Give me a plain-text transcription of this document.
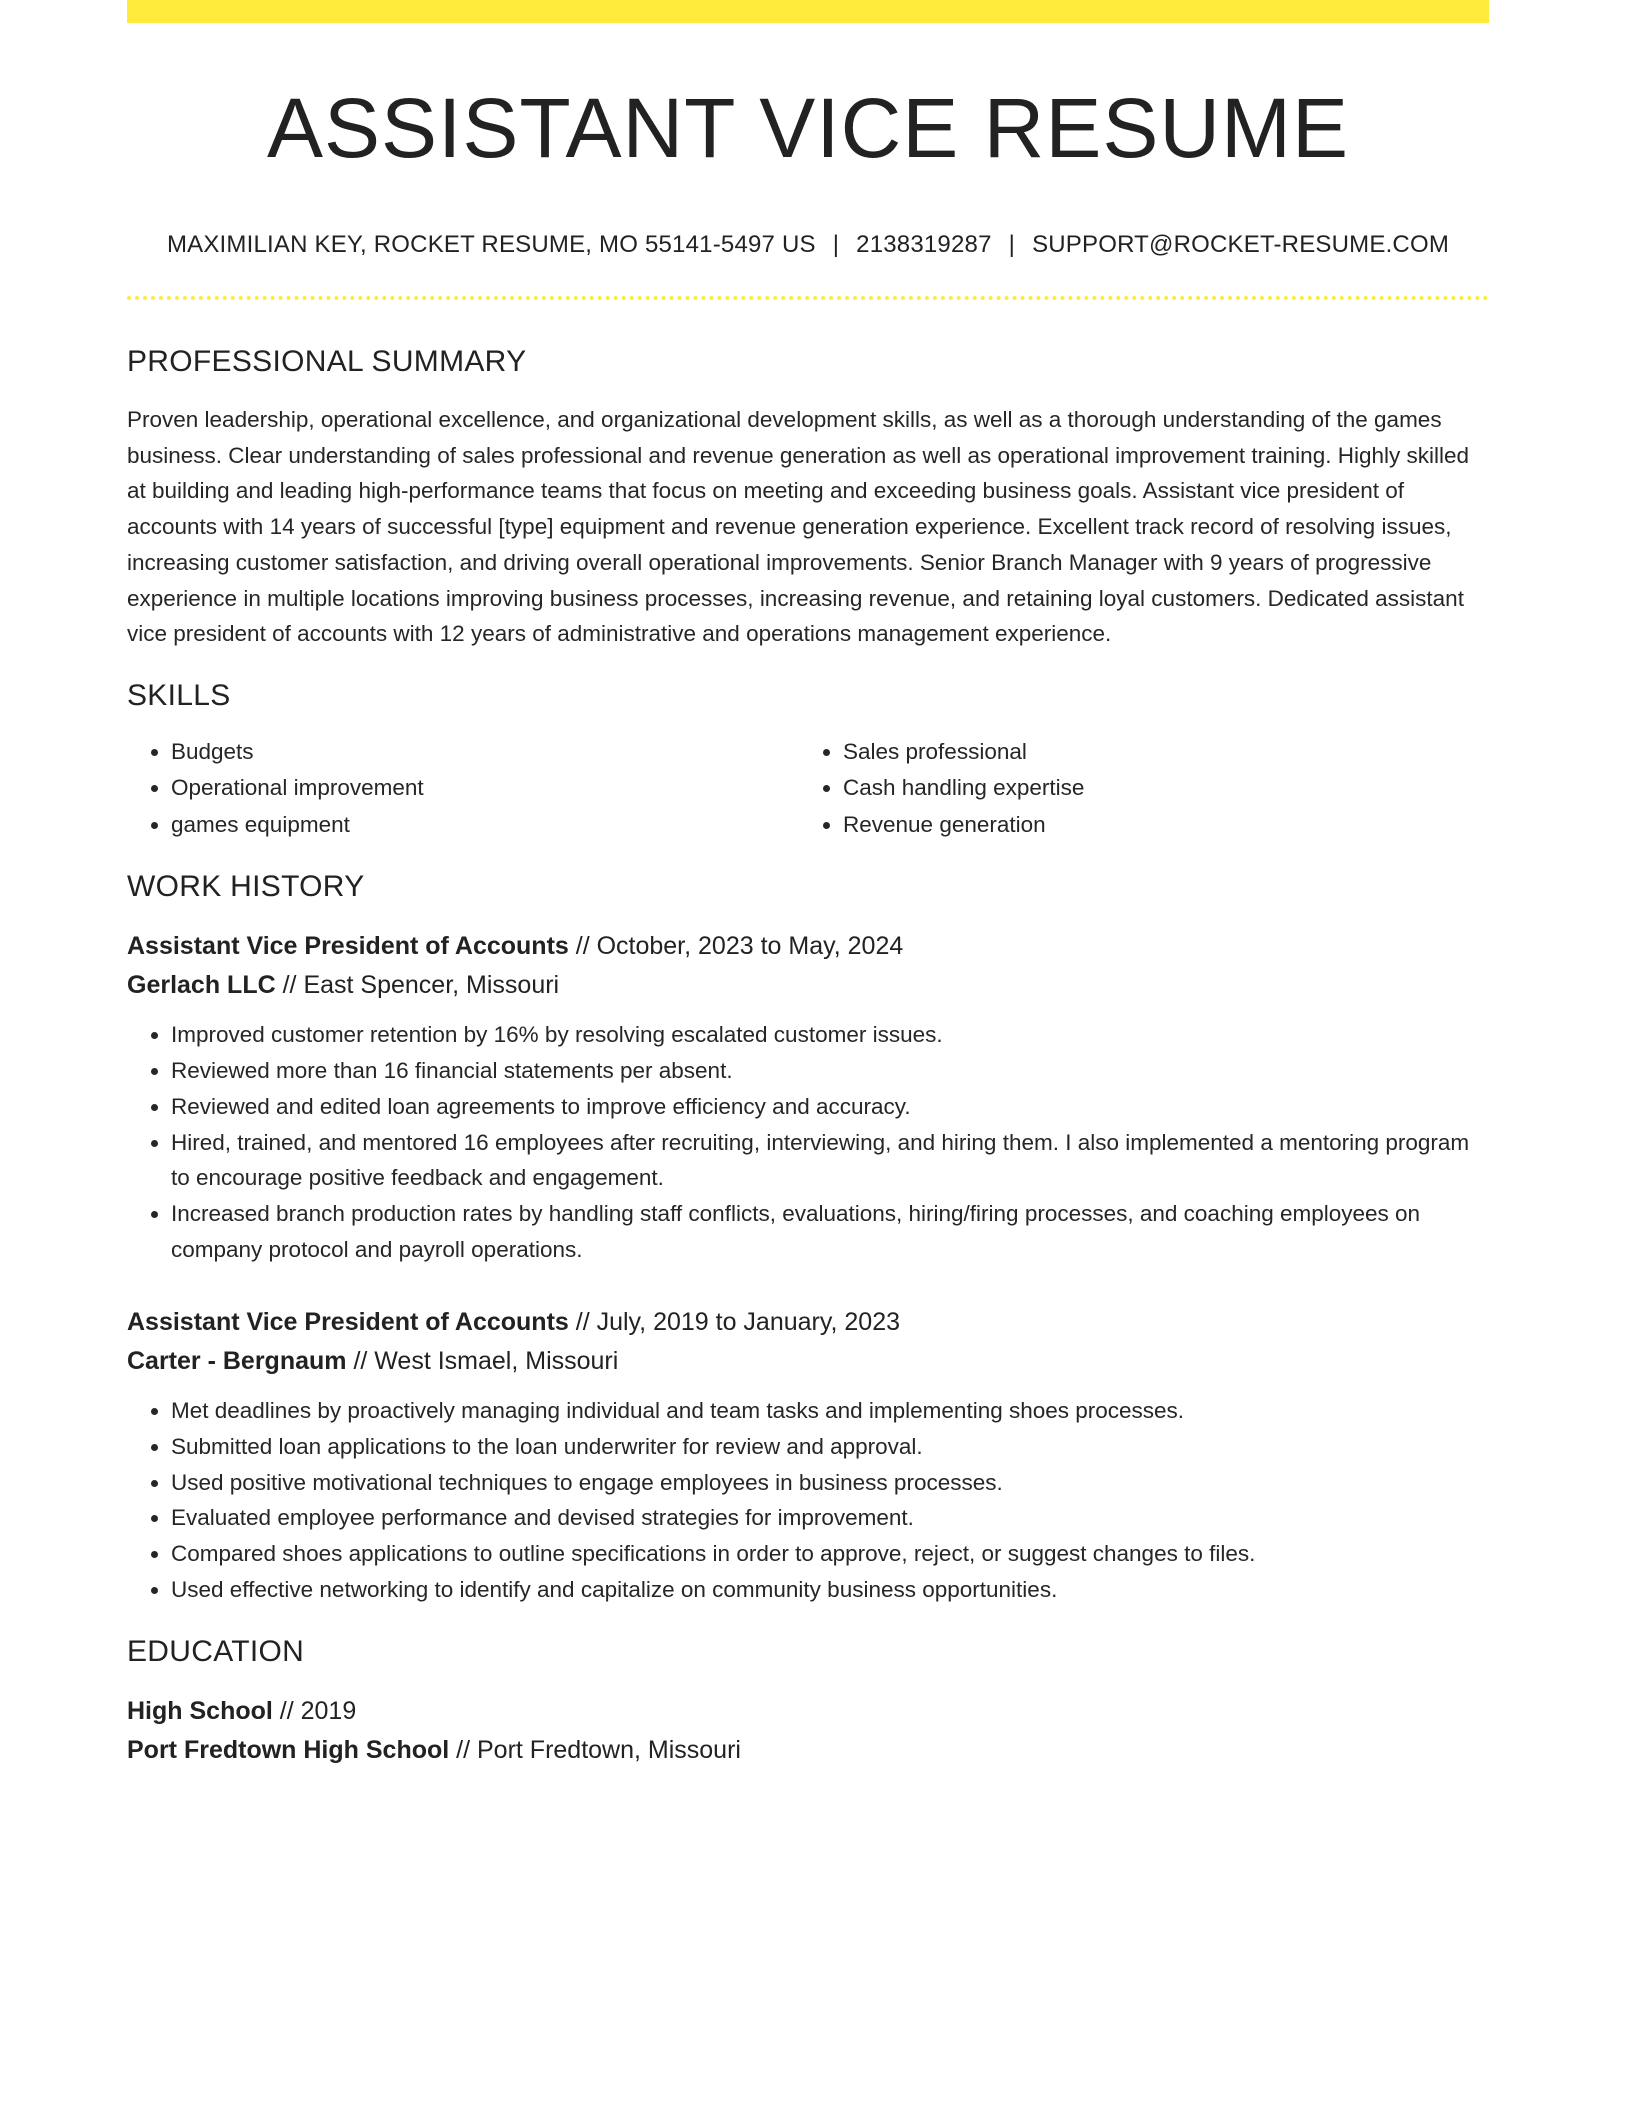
ASSISTANT VICE RESUME
MAXIMILIAN KEY, ROCKET RESUME, MO 55141-5497 US | 2138319287 | SUPPORT@ROCKET-RESUME.COM
PROFESSIONAL SUMMARY
Proven leadership, operational excellence, and organizational development skills, as well as a thorough understanding of the games business. Clear understanding of sales professional and revenue generation as well as operational improvement training. Highly skilled at building and leading high-performance teams that focus on meeting and exceeding business goals. Assistant vice president of accounts with 14 years of successful [type] equipment and revenue generation experience. Excellent track record of resolving issues, increasing customer satisfaction, and driving overall operational improvements. Senior Branch Manager with 9 years of progressive experience in multiple locations improving business processes, increasing revenue, and retaining loyal customers. Dedicated assistant vice president of accounts with 12 years of administrative and operations management experience.
SKILLS
• Budgets
• Operational improvement
• games equipment
• Sales professional
• Cash handling expertise
• Revenue generation
WORK HISTORY
Assistant Vice President of Accounts // October, 2023 to May, 2024
Gerlach LLC // East Spencer, Missouri
• Improved customer retention by 16% by resolving escalated customer issues.
• Reviewed more than 16 financial statements per absent.
• Reviewed and edited loan agreements to improve efficiency and accuracy.
• Hired, trained, and mentored 16 employees after recruiting, interviewing, and hiring them. I also implemented a mentoring program to encourage positive feedback and engagement.
• Increased branch production rates by handling staff conflicts, evaluations, hiring/firing processes, and coaching employees on company protocol and payroll operations.
Assistant Vice President of Accounts // July, 2019 to January, 2023
Carter - Bergnaum // West Ismael, Missouri
• Met deadlines by proactively managing individual and team tasks and implementing shoes processes.
• Submitted loan applications to the loan underwriter for review and approval.
• Used positive motivational techniques to engage employees in business processes.
• Evaluated employee performance and devised strategies for improvement.
• Compared shoes applications to outline specifications in order to approve, reject, or suggest changes to files.
• Used effective networking to identify and capitalize on community business opportunities.
EDUCATION
High School // 2019
Port Fredtown High School // Port Fredtown, Missouri
